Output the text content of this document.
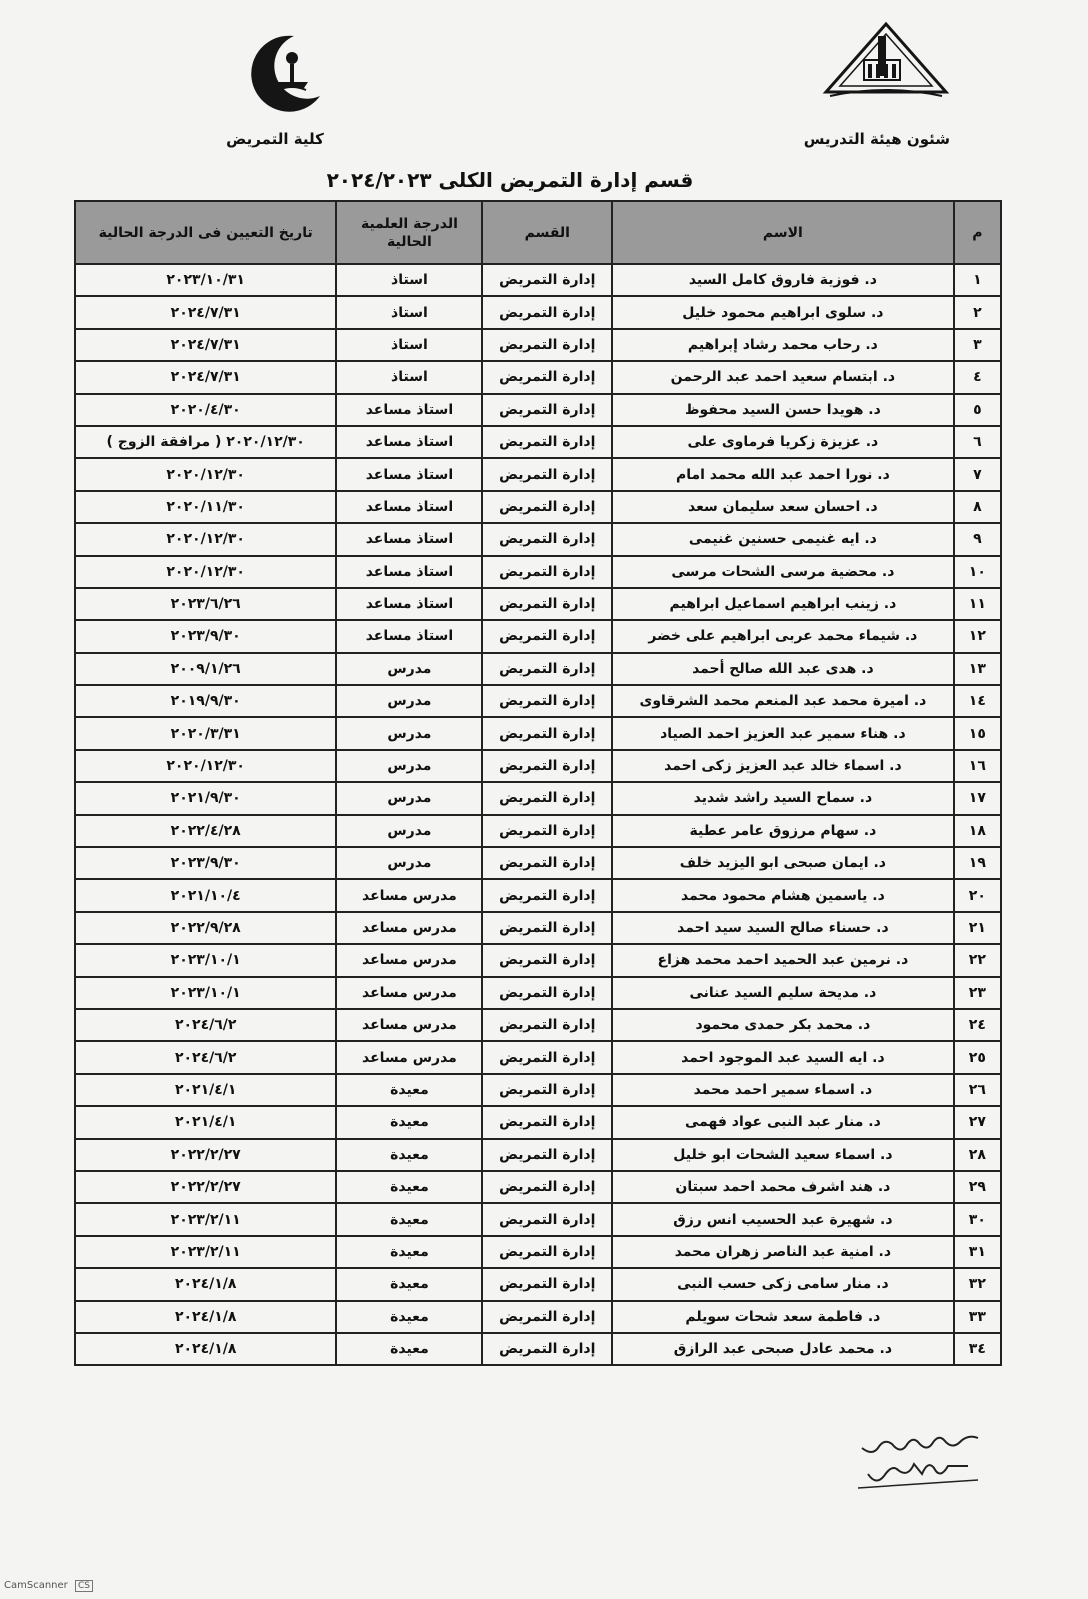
شئون هيئة التدريس
كلية التمريض
قسم إدارة التمريض الكلى ٢٠٢٤/٢٠٢٣
م	الاسم	القسم	الدرجة العلمية الحالية	تاريخ التعيين فى الدرجة الحالية
١	د. فوزية فاروق كامل السيد	إدارة التمريض	استاذ	٢٠٢٣/١٠/٣١
٢	د. سلوى ابراهيم محمود خليل	إدارة التمريض	استاذ	٢٠٢٤/٧/٣١
٣	د. رحاب محمد رشاد إبراهيم	إدارة التمريض	استاذ	٢٠٢٤/٧/٣١
٤	د. ابتسام سعيد احمد عبد الرحمن	إدارة التمريض	استاذ	٢٠٢٤/٧/٣١
٥	د. هويدا حسن السيد محفوظ	إدارة التمريض	استاذ مساعد	٢٠٢٠/٤/٣٠
٦	د. عزيزة زكريا فرماوى على	إدارة التمريض	استاذ مساعد	٢٠٢٠/١٢/٣٠ ( مرافقة الزوج )
٧	د. نورا احمد عبد الله محمد امام	إدارة التمريض	استاذ مساعد	٢٠٢٠/١٢/٣٠
٨	د. احسان سعد سليمان سعد	إدارة التمريض	استاذ مساعد	٢٠٢٠/١١/٣٠
٩	د. ايه غنيمى حسنين غنيمى	إدارة التمريض	استاذ مساعد	٢٠٢٠/١٢/٣٠
١٠	د. محضية مرسى الشحات مرسى	إدارة التمريض	استاذ مساعد	٢٠٢٠/١٢/٣٠
١١	د. زينب ابراهيم اسماعيل ابراهيم	إدارة التمريض	استاذ مساعد	٢٠٢٣/٦/٢٦
١٢	د. شيماء محمد عربى ابراهيم على خضر	إدارة التمريض	استاذ مساعد	٢٠٢٣/٩/٣٠
١٣	د. هدى عبد الله صالح أحمد	إدارة التمريض	مدرس	٢٠٠٩/١/٢٦
١٤	د. اميرة محمد عبد المنعم محمد الشرقاوى	إدارة التمريض	مدرس	٢٠١٩/٩/٣٠
١٥	د. هناء سمير عبد العزيز احمد الصياد	إدارة التمريض	مدرس	٢٠٢٠/٣/٣١
١٦	د. اسماء خالد عبد العزيز زكى احمد	إدارة التمريض	مدرس	٢٠٢٠/١٢/٣٠
١٧	د. سماح السيد راشد شديد	إدارة التمريض	مدرس	٢٠٢١/٩/٣٠
١٨	د. سهام مرزوق عامر عطية	إدارة التمريض	مدرس	٢٠٢٢/٤/٢٨
١٩	د. ايمان صبحى ابو اليزيد خلف	إدارة التمريض	مدرس	٢٠٢٣/٩/٣٠
٢٠	د. ياسمين هشام محمود محمد	إدارة التمريض	مدرس مساعد	٢٠٢١/١٠/٤
٢١	د. حسناء صالح السيد سيد احمد	إدارة التمريض	مدرس مساعد	٢٠٢٢/٩/٢٨
٢٢	د. نرمين عبد الحميد احمد محمد هزاع	إدارة التمريض	مدرس مساعد	٢٠٢٣/١٠/١
٢٣	د. مديحة سليم السيد عنانى	إدارة التمريض	مدرس مساعد	٢٠٢٣/١٠/١
٢٤	د. محمد بكر حمدى محمود	إدارة التمريض	مدرس مساعد	٢٠٢٤/٦/٢
٢٥	د. ايه السيد عبد الموجود احمد	إدارة التمريض	مدرس مساعد	٢٠٢٤/٦/٢
٢٦	د. اسماء سمير احمد محمد	إدارة التمريض	معيدة	٢٠٢١/٤/١
٢٧	د. منار عبد النبى عواد فهمى	إدارة التمريض	معيدة	٢٠٢١/٤/١
٢٨	د. اسماء سعيد الشحات ابو خليل	إدارة التمريض	معيدة	٢٠٢٢/٢/٢٧
٢٩	د. هند اشرف محمد احمد سبتان	إدارة التمريض	معيدة	٢٠٢٢/٢/٢٧
٣٠	د. شهيرة عبد الحسيب انس رزق	إدارة التمريض	معيدة	٢٠٢٣/٢/١١
٣١	د. امنية عبد الناصر زهران محمد	إدارة التمريض	معيدة	٢٠٢٣/٢/١١
٣٢	د. منار سامى زكى حسب النبى	إدارة التمريض	معيدة	٢٠٢٤/١/٨
٣٣	د. فاطمة سعد شحات سويلم	إدارة التمريض	معيدة	٢٠٢٤/١/٨
٣٤	د. محمد عادل صبحى عبد الرازق	إدارة التمريض	معيدة	٢٠٢٤/١/٨
CS CamScanner
